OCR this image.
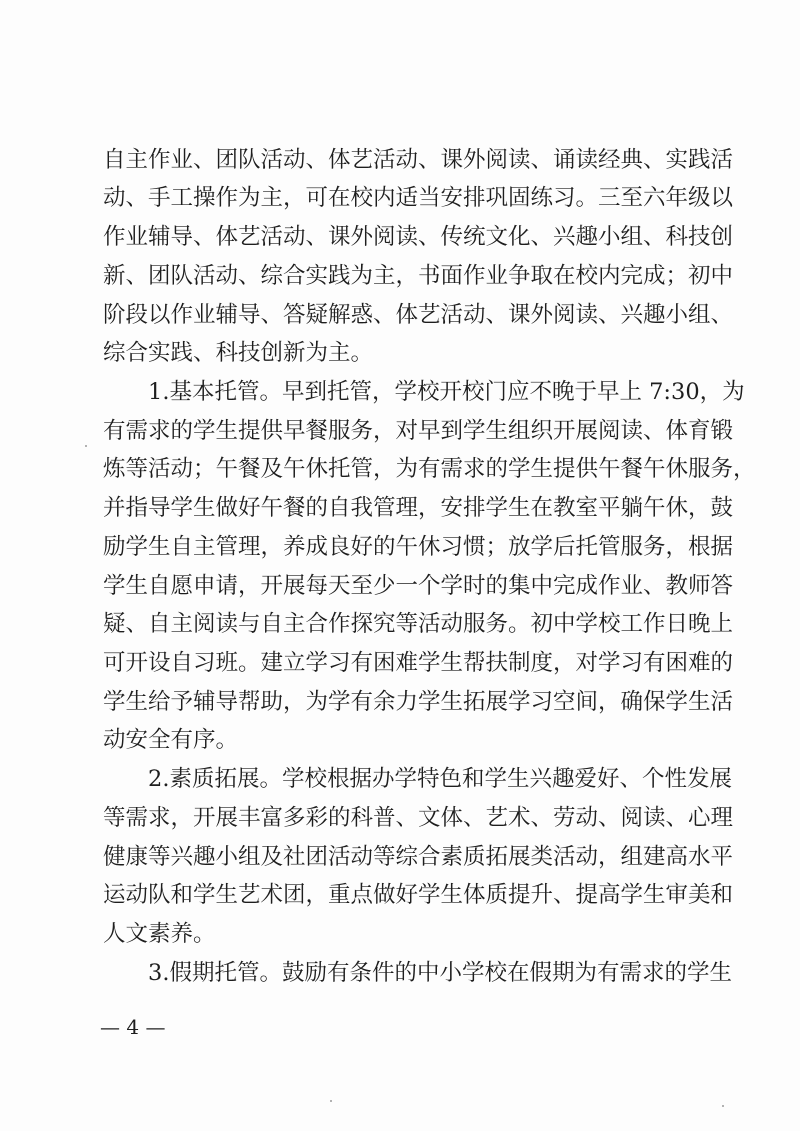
自主作业、团队活动、体艺活动、课外阅读、诵读经典、实践活
动、手工操作为主，可在校内适当安排巩固练习。三至六年级以
作业辅导、体艺活动、课外阅读、传统文化、兴趣小组、科技创
新、团队活动、综合实践为主，书面作业争取在校内完成；初中
阶段以作业辅导、答疑解惑、体艺活动、课外阅读、兴趣小组、
综合实践、科技创新为主。
1.基本托管。早到托管，学校开校门应不晚于早上 7:30，为
有需求的学生提供早餐服务，对早到学生组织开展阅读、体育锻
炼等活动；午餐及午休托管，为有需求的学生提供午餐午休服务，
并指导学生做好午餐的自我管理，安排学生在教室平躺午休，鼓
励学生自主管理，养成良好的午休习惯；放学后托管服务，根据
学生自愿申请，开展每天至少一个学时的集中完成作业、教师答
疑、自主阅读与自主合作探究等活动服务。初中学校工作日晚上
可开设自习班。建立学习有困难学生帮扶制度，对学习有困难的
学生给予辅导帮助，为学有余力学生拓展学习空间，确保学生活
动安全有序。
2.素质拓展。学校根据办学特色和学生兴趣爱好、个性发展
等需求，开展丰富多彩的科普、文体、艺术、劳动、阅读、心理
健康等兴趣小组及社团活动等综合素质拓展类活动，组建高水平
运动队和学生艺术团，重点做好学生体质提升、提高学生审美和
人文素养。
3.假期托管。鼓励有条件的中小学校在假期为有需求的学生
— 4 —
